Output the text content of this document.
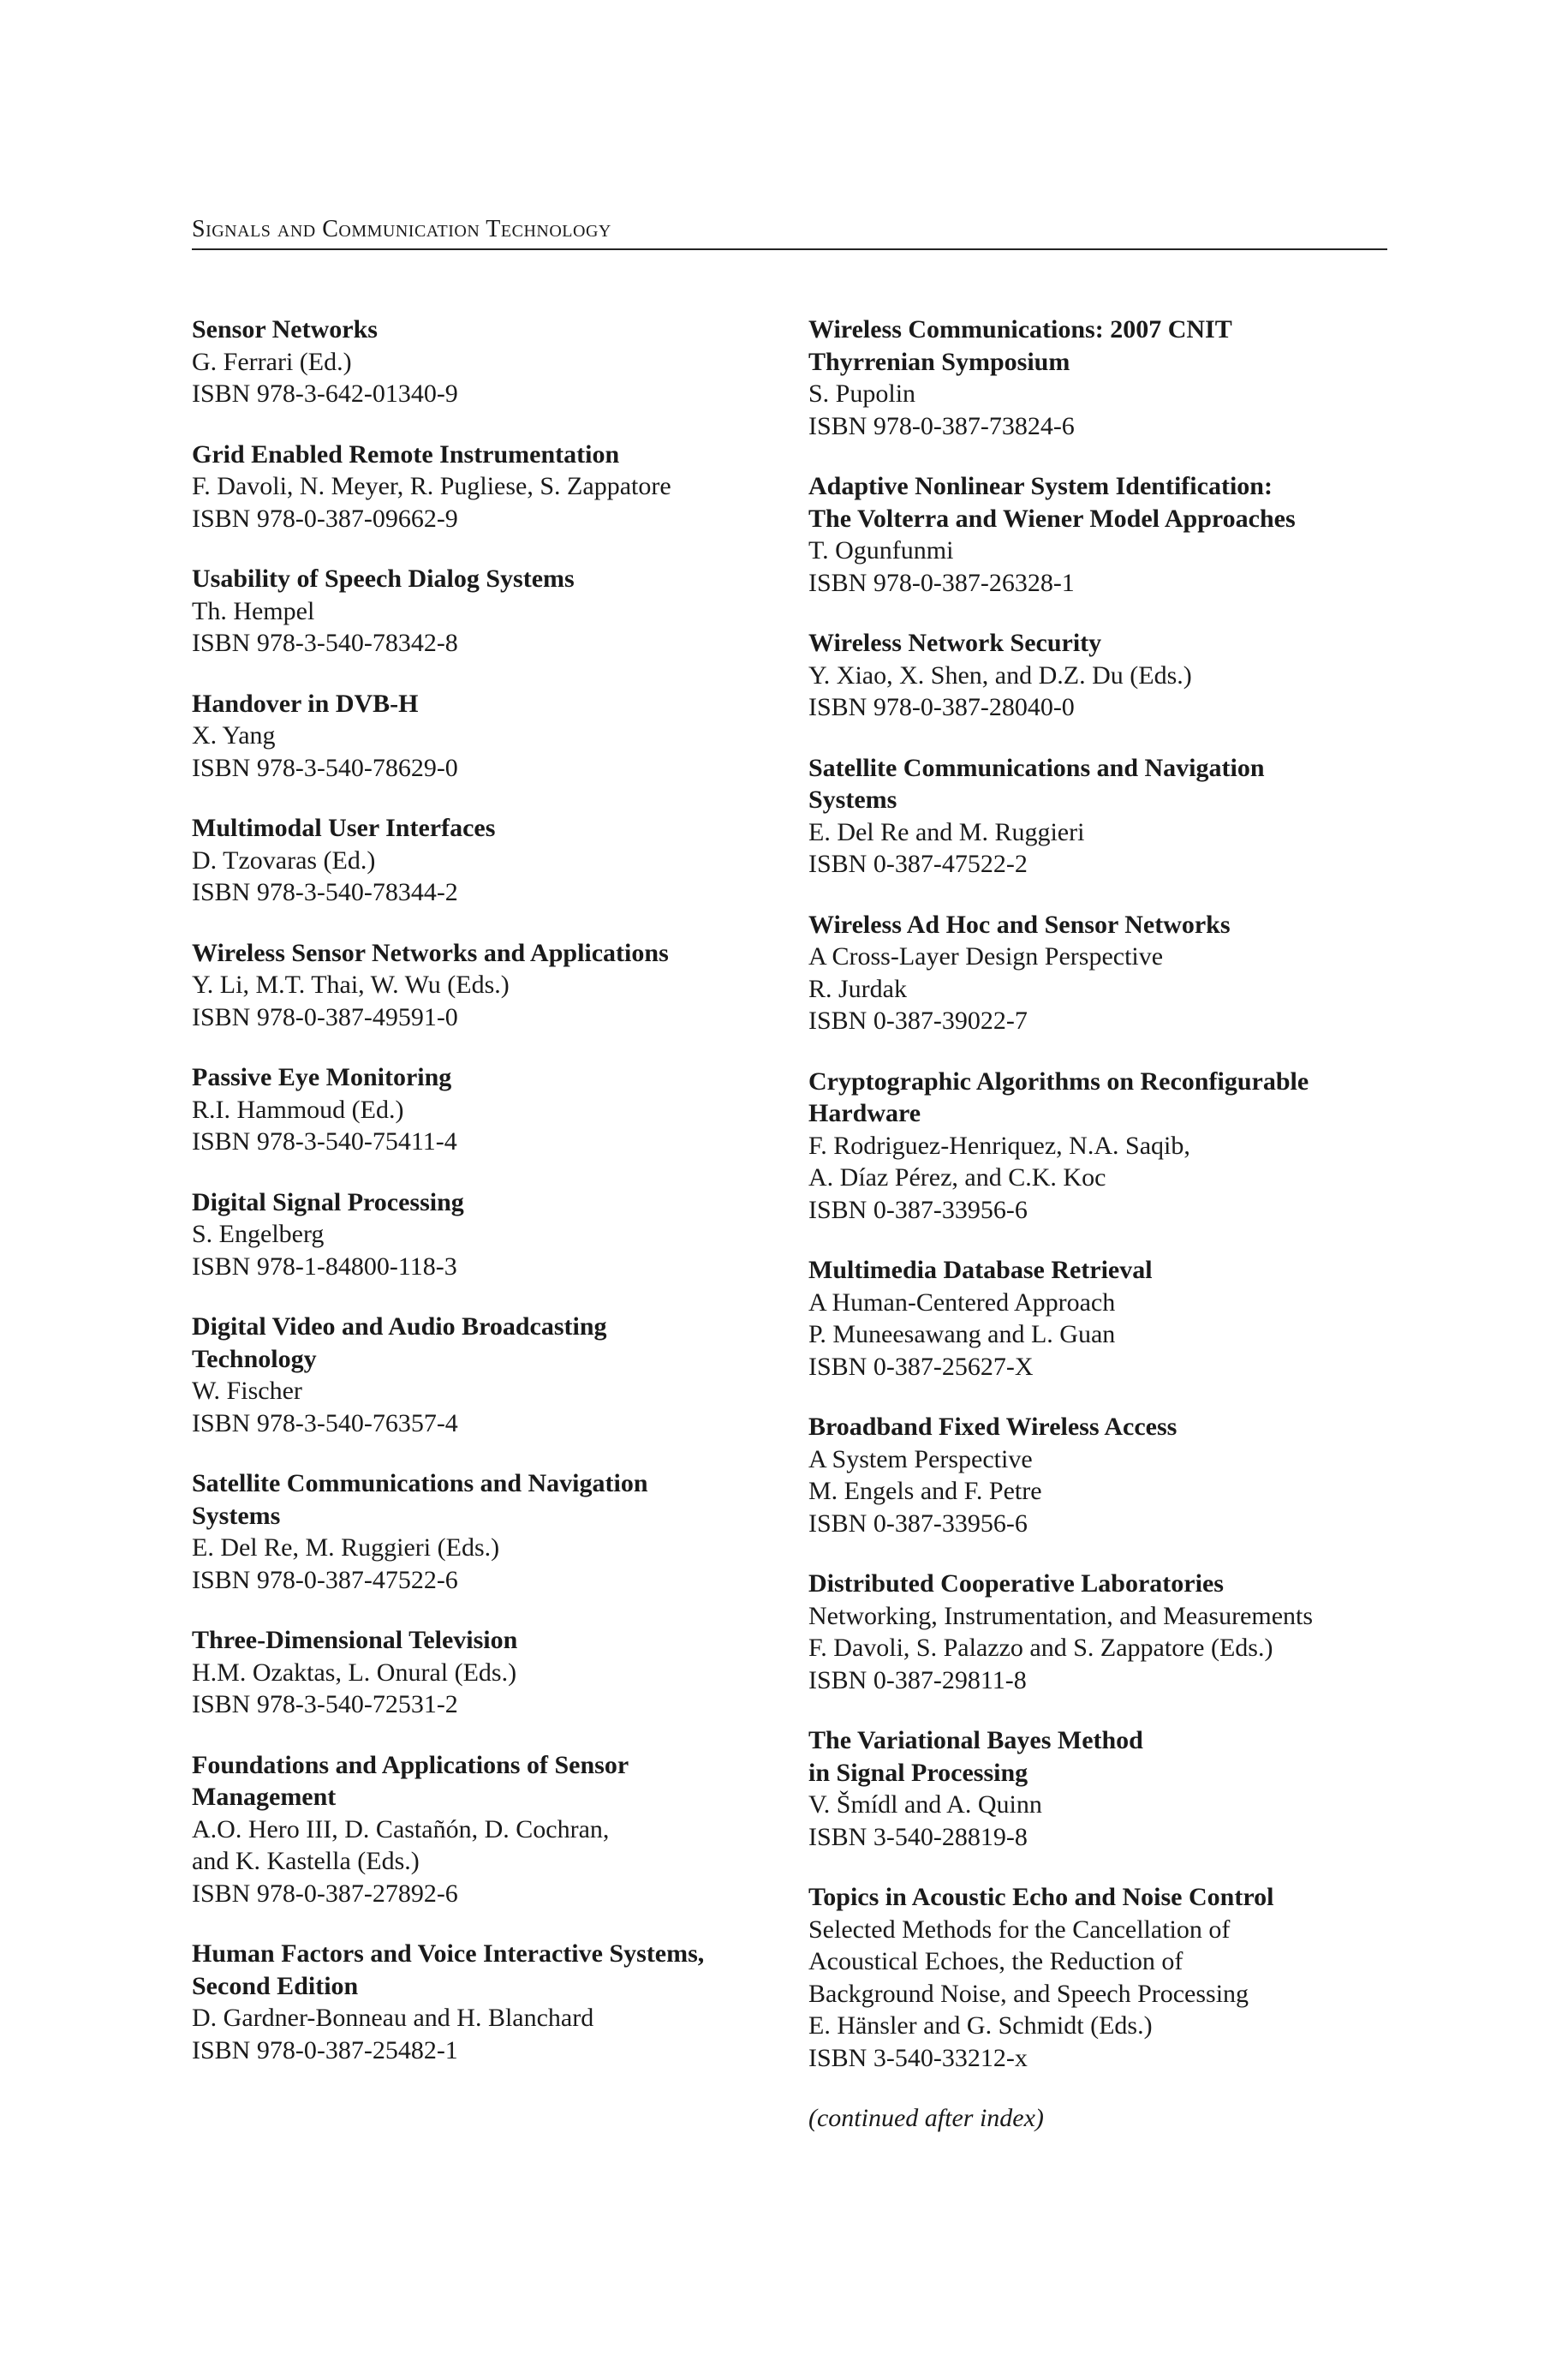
Signals and Communication Technology
Sensor Networks
G. Ferrari (Ed.)
ISBN 978-3-642-01340-9
Grid Enabled Remote Instrumentation
F. Davoli, N. Meyer, R. Pugliese, S. Zappatore
ISBN 978-0-387-09662-9
Usability of Speech Dialog Systems
Th. Hempel
ISBN 978-3-540-78342-8
Handover in DVB-H
X. Yang
ISBN 978-3-540-78629-0
Multimodal User Interfaces
D. Tzovaras (Ed.)
ISBN 978-3-540-78344-2
Wireless Sensor Networks and Applications
Y. Li, M.T. Thai, W. Wu (Eds.)
ISBN 978-0-387-49591-0
Passive Eye Monitoring
R.I. Hammoud (Ed.)
ISBN 978-3-540-75411-4
Digital Signal Processing
S. Engelberg
ISBN 978-1-84800-118-3
Digital Video and Audio Broadcasting
Technology
W. Fischer
ISBN 978-3-540-76357-4
Satellite Communications and Navigation
Systems
E. Del Re, M. Ruggieri (Eds.)
ISBN 978-0-387-47522-6
Three-Dimensional Television
H.M. Ozaktas, L. Onural (Eds.)
ISBN 978-3-540-72531-2
Foundations and Applications of Sensor
Management
A.O. Hero III, D. Castañón, D. Cochran,
and K. Kastella (Eds.)
ISBN 978-0-387-27892-6
Human Factors and Voice Interactive Systems,
Second Edition
D. Gardner-Bonneau and H. Blanchard
ISBN 978-0-387-25482-1
Wireless Communications: 2007 CNIT
Thyrrenian Symposium
S. Pupolin
ISBN 978-0-387-73824-6
Adaptive Nonlinear System Identification:
The Volterra and Wiener Model Approaches
T. Ogunfunmi
ISBN 978-0-387-26328-1
Wireless Network Security
Y. Xiao, X. Shen, and D.Z. Du (Eds.)
ISBN 978-0-387-28040-0
Satellite Communications and Navigation
Systems
E. Del Re and M. Ruggieri
ISBN 0-387-47522-2
Wireless Ad Hoc and Sensor Networks
A Cross-Layer Design Perspective
R. Jurdak
ISBN 0-387-39022-7
Cryptographic Algorithms on Reconfigurable
Hardware
F. Rodriguez-Henriquez, N.A. Saqib,
A. Díaz Pérez, and C.K. Koc
ISBN 0-387-33956-6
Multimedia Database Retrieval
A Human-Centered Approach
P. Muneesawang and L. Guan
ISBN 0-387-25627-X
Broadband Fixed Wireless Access
A System Perspective
M. Engels and F. Petre
ISBN 0-387-33956-6
Distributed Cooperative Laboratories
Networking, Instrumentation, and Measurements
F. Davoli, S. Palazzo and S. Zappatore (Eds.)
ISBN 0-387-29811-8
The Variational Bayes Method
in Signal Processing
V. Šmídl and A. Quinn
ISBN 3-540-28819-8
Topics in Acoustic Echo and Noise Control
Selected Methods for the Cancellation of
Acoustical Echoes, the Reduction of
Background Noise, and Speech Processing
E. Hänsler and G. Schmidt (Eds.)
ISBN 3-540-33212-x
(continued after index)
